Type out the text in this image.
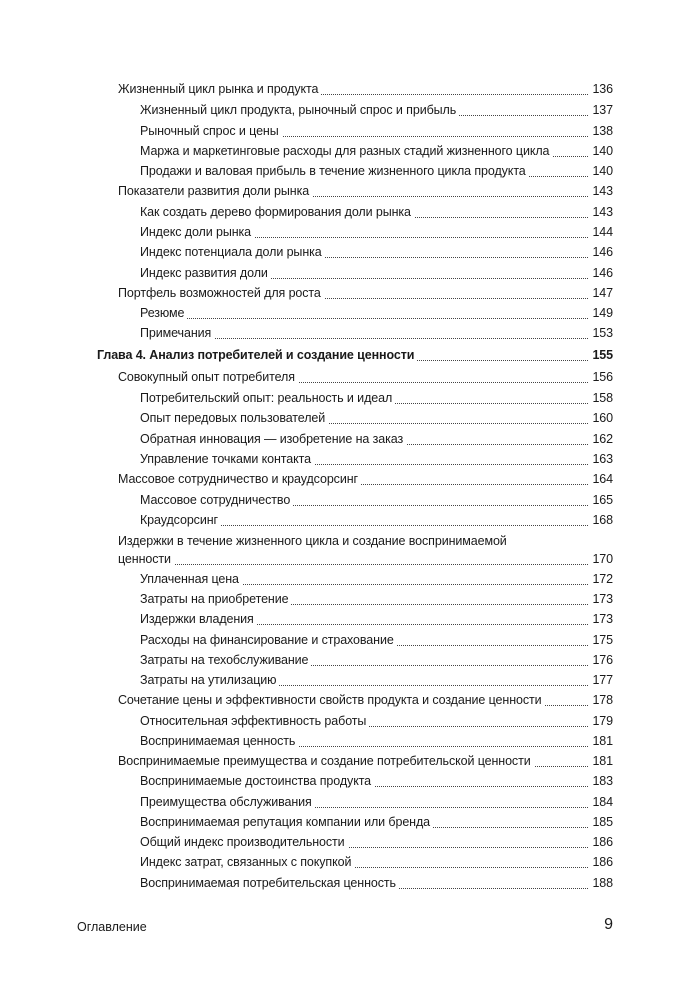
Жизненный цикл рынка и продукта	136
Жизненный цикл продукта, рыночный спрос и прибыль	137
Рыночный спрос и цены	138
Маржа и маркетинговые расходы для разных стадий жизненного цикла	140
Продажи и валовая прибыль в течение жизненного цикла продукта	140
Показатели развития доли рынка	143
Как создать дерево формирования доли рынка	143
Индекс доли рынка	144
Индекс потенциала доли рынка	146
Индекс развития доли	146
Портфель возможностей для роста	147
Резюме	149
Примечания	153
Глава 4. Анализ потребителей и создание ценности	155
Совокупный опыт потребителя	156
Потребительский опыт: реальность и идеал	158
Опыт передовых пользователей	160
Обратная инновация — изобретение на заказ	162
Управление точками контакта	163
Массовое сотрудничество и краудсорсинг	164
Массовое сотрудничество	165
Краудсорсинг	168
Издержки в течение жизненного цикла и создание воспринимаемой
ценности	170
Уплаченная цена	172
Затраты на приобретение	173
Издержки владения	173
Расходы на финансирование и страхование	175
Затраты на техобслуживание	176
Затраты на утилизацию	177
Сочетание цены и эффективности свойств продукта и создание ценности	178
Относительная эффективность работы	179
Воспринимаемая ценность	181
Воспринимаемые преимущества и создание потребительской ценности	181
Воспринимаемые достоинства продукта	183
Преимущества обслуживания	184
Воспринимаемая репутация компании или бренда	185
Общий индекс производительности	186
Индекс затрат, связанных с покупкой	186
Воспринимаемая потребительская ценность	188
Оглавление	9
